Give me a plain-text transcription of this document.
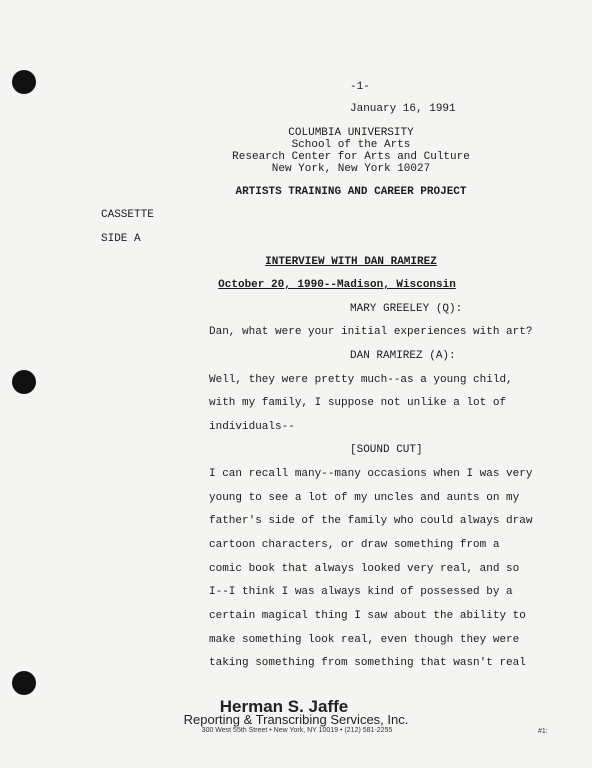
-1-
January 16, 1991
COLUMBIA UNIVERSITY
School of the Arts
Research Center for Arts and Culture
New York, New York 10027
ARTISTS TRAINING AND CAREER PROJECT
CASSETTE
SIDE A
INTERVIEW WITH DAN RAMIREZ
October 20, 1990--Madison, Wisconsin
MARY GREELEY (Q):
Dan, what were your initial experiences with art?
DAN RAMIREZ (A):
Well, they were pretty much--as a young child,
with my family, I suppose not unlike a lot of
individuals--
[SOUND CUT]
I can recall many--many occasions when I was very
young to see a lot of my uncles and aunts on my
father's side of the family who could always draw
cartoon characters, or draw something from a
comic book that always looked very real, and so
I--I think I was always kind of possessed by a
certain magical thing I saw about the ability to
make something look real, even though they were
taking something from something that wasn't real
Herman S. Jaffe
Reporting & Transcribing Services, Inc.
300 West 55th Street • New York, NY 10019 • (212) 581-2255	#1:
